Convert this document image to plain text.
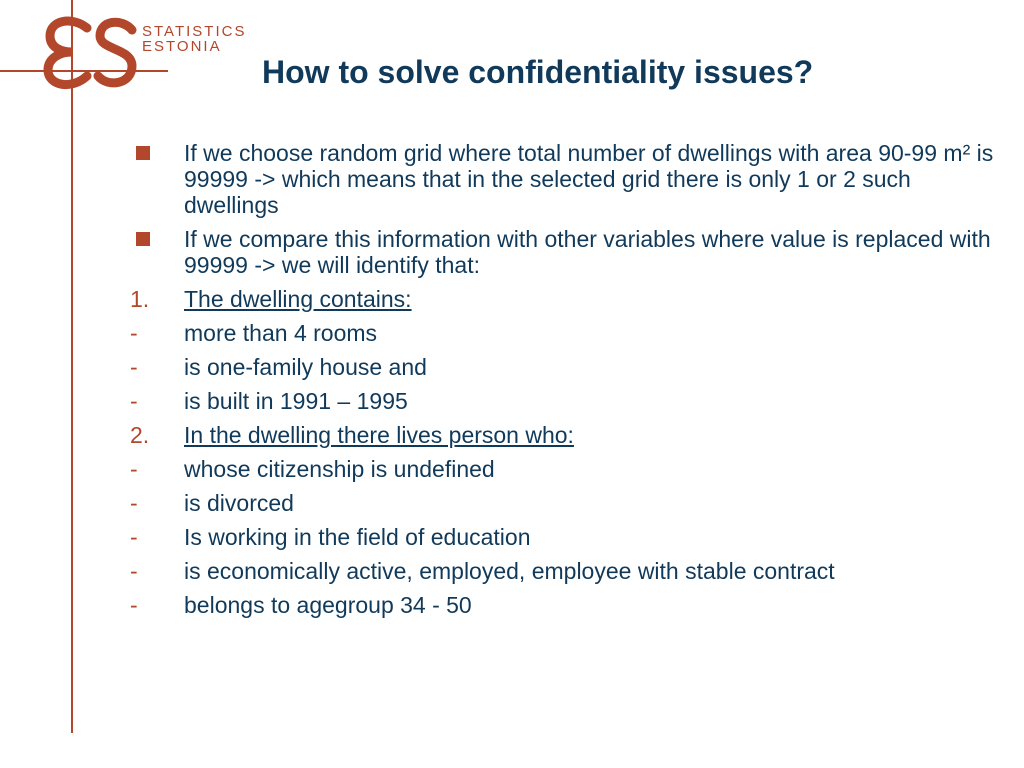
STATISTICS
ESTONIA
How to solve confidentiality issues?
If we choose random grid where total number of dwellings with area 90-99 m² is 99999 -> which means that in the selected grid there is only 1 or 2 such dwellings
If we compare this information with other variables where value is replaced with 99999 -> we will identify that:
1.	The dwelling contains:
-	more than 4 rooms
-	is one-family house and
-	is built in 1991 – 1995
2.	In the dwelling there lives person who:
-	whose citizenship is undefined
-	is divorced
-	Is working in the field of education
-	is economically active, employed, employee with stable contract
-	belongs to agegroup 34 - 50
